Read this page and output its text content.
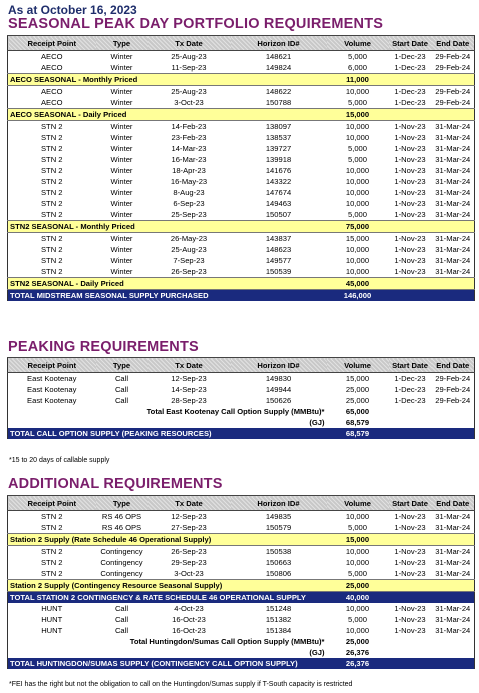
As at October 16, 2023
SEASONAL PEAK DAY PORTFOLIO REQUIREMENTS
Receipt Point	Type	Tx Date	Horizon ID#	Volume	Start Date	End Date
AECO	Winter	25-Aug-23	148621	5,000	1-Dec-23	29-Feb-24
AECO	Winter	11-Sep-23	149824	6,000	1-Dec-23	29-Feb-24
AECO SEASONAL - Monthly Priced				11,000		
AECO	Winter	25-Aug-23	148622	10,000	1-Dec-23	29-Feb-24
AECO	Winter	3-Oct-23	150788	5,000	1-Dec-23	29-Feb-24
AECO SEASONAL - Daily Priced				15,000		
STN 2	Winter	14-Feb-23	138097	10,000	1-Nov-23	31-Mar-24
STN 2	Winter	23-Feb-23	138537	10,000	1-Nov-23	31-Mar-24
STN 2	Winter	14-Mar-23	139727	5,000	1-Nov-23	31-Mar-24
STN 2	Winter	16-Mar-23	139918	5,000	1-Nov-23	31-Mar-24
STN 2	Winter	18-Apr-23	141676	10,000	1-Nov-23	31-Mar-24
STN 2	Winter	16-May-23	143322	10,000	1-Nov-23	31-Mar-24
STN 2	Winter	8-Aug-23	147674	10,000	1-Nov-23	31-Mar-24
STN 2	Winter	6-Sep-23	149463	10,000	1-Nov-23	31-Mar-24
STN 2	Winter	25-Sep-23	150507	5,000	1-Nov-23	31-Mar-24
STN2 SEASONAL - Monthly Priced				75,000		
STN 2	Winter	26-May-23	143837	15,000	1-Nov-23	31-Mar-24
STN 2	Winter	25-Aug-23	148623	10,000	1-Nov-23	31-Mar-24
STN 2	Winter	7-Sep-23	149577	10,000	1-Nov-23	31-Mar-24
STN 2	Winter	26-Sep-23	150539	10,000	1-Nov-23	31-Mar-24
STN2 SEASONAL - Daily Priced				45,000		
TOTAL MIDSTREAM SEASONAL SUPPLY PURCHASED				146,000		
PEAKING REQUIREMENTS
Receipt Point	Type	Tx Date	Horizon ID#	Volume	Start Date	End Date
East Kootenay	Call	12-Sep-23	149830	15,000	1-Dec-23	29-Feb-24
East Kootenay	Call	14-Sep-23	149944	25,000	1-Dec-23	29-Feb-24
East Kootenay	Call	28-Sep-23	150626	25,000	1-Dec-23	29-Feb-24
Total East Kootenay Call Option Supply (MMBtu)*				65,000		
(GJ)				68,579		
TOTAL CALL OPTION SUPPLY (PEAKING RESOURCES)				68,579		
*15 to 20 days of callable supply
ADDITIONAL REQUIREMENTS
Receipt Point	Type	Tx Date	Horizon ID#	Volume	Start Date	End Date
STN 2	RS 46 OPS	12-Sep-23	149835	10,000	1-Nov-23	31-Mar-24
STN 2	RS 46 OPS	27-Sep-23	150579	5,000	1-Nov-23	31-Mar-24
Station 2 Supply (Rate Schedule 46 Operational Supply)				15,000		
STN 2	Contingency	26-Sep-23	150538	10,000	1-Nov-23	31-Mar-24
STN 2	Contingency	29-Sep-23	150663	10,000	1-Nov-23	31-Mar-24
STN 2	Contingency	3-Oct-23	150806	5,000	1-Nov-23	31-Mar-24
Station 2 Supply (Contingency Resource Seasonal Supply)				25,000		
TOTAL STATION 2 CONTINGENCY & RATE SCHEDULE 46 OPERATIONAL SUPPLY				40,000		
HUNT	Call	4-Oct-23	151248	10,000	1-Nov-23	31-Mar-24
HUNT	Call	16-Oct-23	151382	5,000	1-Nov-23	31-Mar-24
HUNT	Call	16-Oct-23	151384	10,000	1-Nov-23	31-Mar-24
Total Huntingdon/Sumas Call Option Supply (MMBtu)*				25,000		
(GJ)				26,376		
TOTAL HUNTINGDON/SUMAS SUPPLY (CONTINGENCY CALL OPTION SUPPLY)				26,376		
*FEI has the right but not the obligation to call on the Huntingdon/Sumas supply if T-South capacity is restricted
